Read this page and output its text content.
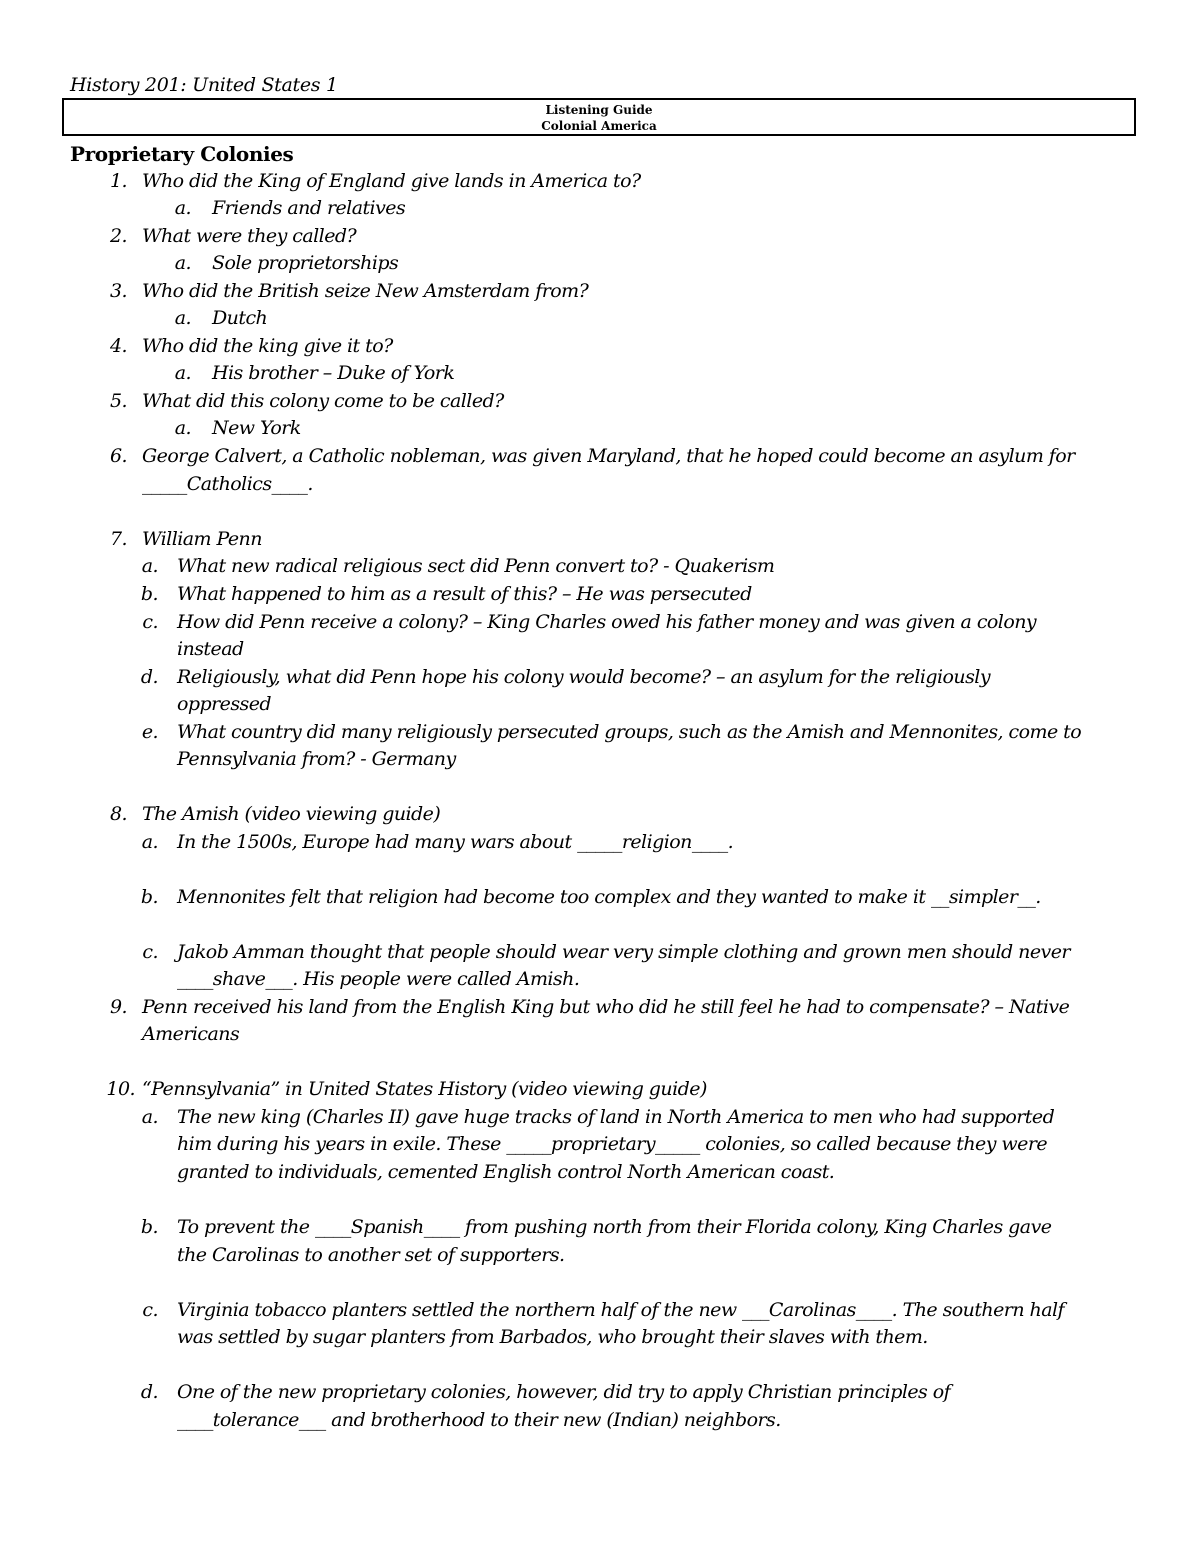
History 201: United States 1
Listening Guide
Colonial America
Proprietary Colonies
1. Who did the King of England give lands in America to?
a. Friends and relatives
2. What were they called?
a. Sole proprietorships
3. Who did the British seize New Amsterdam from?
a. Dutch
4. Who did the king give it to?
a. His brother – Duke of York
5. What did this colony come to be called?
a. New York
6. George Calvert, a Catholic nobleman, was given Maryland, that he hoped could become an asylum for
_____Catholics____.
7. William Penn
a. What new radical religious sect did Penn convert to? - Quakerism
b. What happened to him as a result of this? – He was persecuted
c. How did Penn receive a colony? – King Charles owed his father money and was given a colony
instead
d. Religiously, what did Penn hope his colony would become? – an asylum for the religiously
oppressed
e. What country did many religiously persecuted groups, such as the Amish and Mennonites, come to
Pennsylvania from? - Germany
8. The Amish (video viewing guide)
a. In the 1500s, Europe had many wars about _____religion____.
b. Mennonites felt that religion had become too complex and they wanted to make it __simpler__.
c. Jakob Amman thought that people should wear very simple clothing and grown men should never
____shave___. His people were called Amish.
9. Penn received his land from the English King but who did he still feel he had to compensate? – Native
Americans
10. “Pennsylvania” in United States History (video viewing guide)
a. The new king (Charles II) gave huge tracks of land in North America to men who had supported
him during his years in exile. These _____proprietary_____ colonies, so called because they were
granted to individuals, cemented English control North American coast.
b. To prevent the ____Spanish____ from pushing north from their Florida colony, King Charles gave
the Carolinas to another set of supporters.
c. Virginia tobacco planters settled the northern half of the new ___Carolinas____. The southern half
was settled by sugar planters from Barbados, who brought their slaves with them.
d. One of the new proprietary colonies, however, did try to apply Christian principles of
____tolerance___ and brotherhood to their new (Indian) neighbors.
